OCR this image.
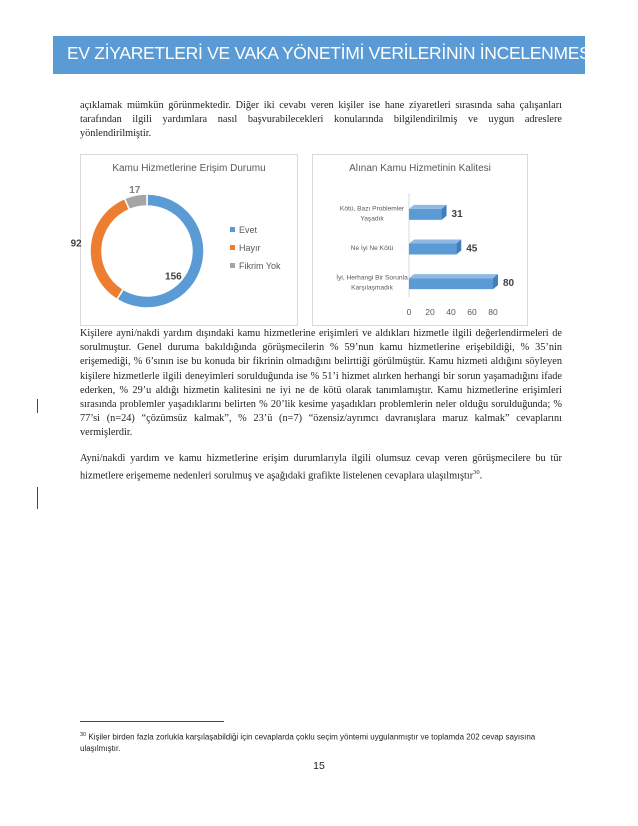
EV ZİYARETLERİ VE VAKA YÖNETİMİ VERİLERİNİN İNCELENMESİ

açıklamak mümkün görünmektedir. Diğer iki cevabı veren kişiler ise hane ziyaretleri sırasında saha çalışanları tarafından ilgili yardımlara nasıl başvurabilecekleri konularında bilgilendirilmiş ve uygun adreslere yönlendirilmiştir.

Kamu Hizmetlerine Erişim Durumu
156
92
17
Evet
Hayır
Fikrim Yok
Alınan Kamu Hizmetinin Kalitesi
31
Kötü, Bazı Problemler Yaşadık
45
Ne İyi Ne Kötü
80
İyi, Herhangi Bir Sorunla Karşılaşmadık
0 20 40 60 80

Kişilere ayni/nakdi yardım dışındaki kamu hizmetlerine erişimleri ve aldıkları hizmetle ilgili değerlendirmeleri de sorulmuştur. Genel duruma bakıldığında görüşmecilerin % 59’nun kamu hizmetlerine erişebildiği, % 35’nin erişemediği, % 6’sının ise bu konuda bir fikrinin olmadığını belirttiği görülmüştür. Kamu hizmeti aldığını söyleyen kişilere hizmetlerle ilgili deneyimleri sorulduğunda ise % 51’i hizmet alırken herhangi bir sorun yaşamadığını ifade ederken, % 29’u aldığı hizmetin kalitesini ne iyi ne de kötü olarak tanımlamıştır. Kamu hizmetlerine erişimleri sırasında problemler yaşadıklarını belirten % 20’lik kesime yaşadıkları problemlerin neler olduğu sorulduğunda; % 77’si (n=24) “çözümsüz kalmak”, % 23’ü (n=7) “özensiz/ayrımcı davranışlara maruz kalmak” cevaplarını vermişlerdir.

Ayni/nakdi yardım ve kamu hizmetlerine erişim durumlarıyla ilgili olumsuz cevap veren görüşmecilere bu tür hizmetlere erişememe nedenleri sorulmuş ve aşağıdaki grafikte listelenen cevaplara ulaşılmıştır$^{30}$.

$^{30}$ Kişiler birden fazla zorlukla karşılaşabildiği için cevaplarda çoklu seçim yöntemi uygulanmıştır ve toplamda 202 cevap sayısına ulaşılmıştır.

15
